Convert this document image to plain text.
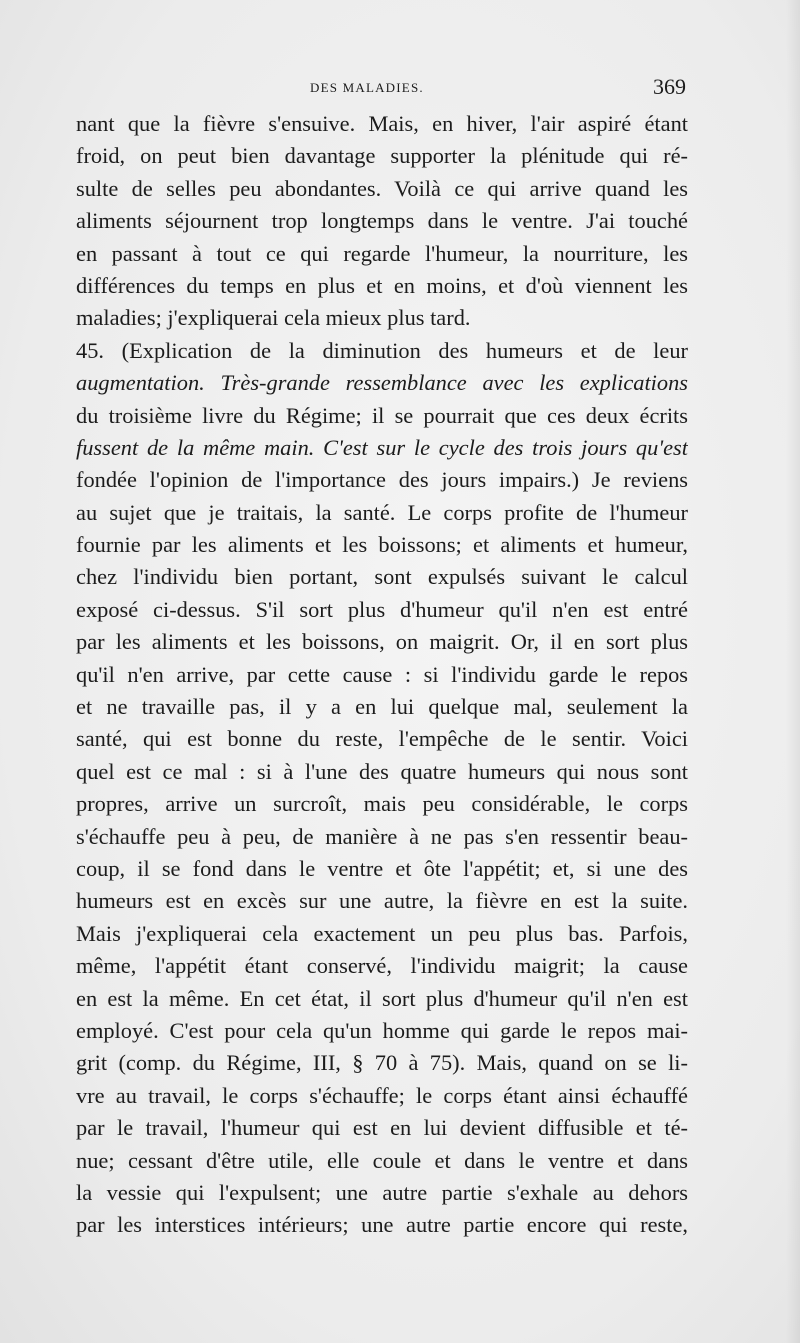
DES MALADIES.	369
nant que la fièvre s'ensuive. Mais, en hiver, l'air aspiré étant
froid, on peut bien davantage supporter la plénitude qui ré-
sulte de selles peu abondantes. Voilà ce qui arrive quand les
aliments séjournent trop longtemps dans le ventre. J'ai touché
en passant à tout ce qui regarde l'humeur, la nourriture, les
différences du temps en plus et en moins, et d'où viennent les
maladies; j'expliquerai cela mieux plus tard.
45. (Explication de la diminution des humeurs et de leur
augmentation. Très-grande ressemblance avec les explications
du troisième livre du Régime; il se pourrait que ces deux écrits
fussent de la même main. C'est sur le cycle des trois jours qu'est
fondée l'opinion de l'importance des jours impairs.) Je reviens
au sujet que je traitais, la santé. Le corps profite de l'humeur
fournie par les aliments et les boissons; et aliments et humeur,
chez l'individu bien portant, sont expulsés suivant le calcul
exposé ci-dessus. S'il sort plus d'humeur qu'il n'en est entré
par les aliments et les boissons, on maigrit. Or, il en sort plus
qu'il n'en arrive, par cette cause : si l'individu garde le repos
et ne travaille pas, il y a en lui quelque mal, seulement la
santé, qui est bonne du reste, l'empêche de le sentir. Voici
quel est ce mal : si à l'une des quatre humeurs qui nous sont
propres, arrive un surcroît, mais peu considérable, le corps
s'échauffe peu à peu, de manière à ne pas s'en ressentir beau-
coup, il se fond dans le ventre et ôte l'appétit; et, si une des
humeurs est en excès sur une autre, la fièvre en est la suite.
Mais j'expliquerai cela exactement un peu plus bas. Parfois,
même, l'appétit étant conservé, l'individu maigrit; la cause
en est la même. En cet état, il sort plus d'humeur qu'il n'en est
employé. C'est pour cela qu'un homme qui garde le repos mai-
grit (comp. du Régime, III, § 70 à 75). Mais, quand on se li-
vre au travail, le corps s'échauffe; le corps étant ainsi échauffé
par le travail, l'humeur qui est en lui devient diffusible et té-
nue; cessant d'être utile, elle coule et dans le ventre et dans
la vessie qui l'expulsent; une autre partie s'exhale au dehors
par les interstices intérieurs; une autre partie encore qui reste,
